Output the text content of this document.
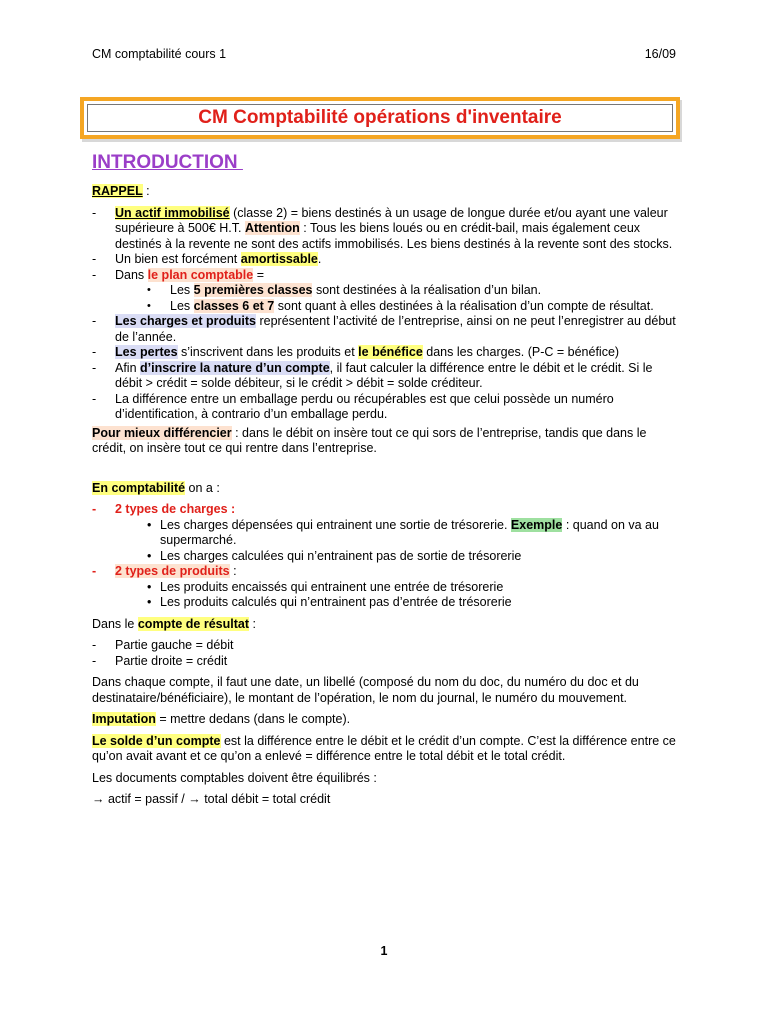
CM comptabilité cours 1	16/09
CM Comptabilité opérations d'inventaire
INTRODUCTION
RAPPEL :
-	Un actif immobilisé (classe 2) = biens destinés à un usage de longue durée et/ou ayant une valeur supérieure à 500€ H.T. Attention : Tous les biens loués ou en crédit-bail, mais également ceux destinés à la revente ne sont des actifs immobilisés. Les biens destinés à la revente sont des stocks.
-	Un bien est forcément amortissable.
-	Dans le plan comptable =
•	Les 5 premières classes sont destinées à la réalisation d’un bilan.
•	Les classes 6 et 7 sont quant à elles destinées à la réalisation d’un compte de résultat.
-	Les charges et produits représentent l’activité de l’entreprise, ainsi on ne peut l’enregistrer au début de l’année.
-	Les pertes s’inscrivent dans les produits et le bénéfice dans les charges. (P-C = bénéfice)
-	Afin d’inscrire la nature d’un compte, il faut calculer la différence entre le débit et le crédit. Si le débit > crédit = solde débiteur, si le crédit > débit = solde créditeur.
-	La différence entre un emballage perdu ou récupérables est que celui possède un numéro d’identification, à contrario d’un emballage perdu.
Pour mieux différencier : dans le débit on insère tout ce qui sors de l’entreprise, tandis que dans le crédit, on insère tout ce qui rentre dans l’entreprise.
En comptabilité on a :
-	2 types de charges :
• Les charges dépensées qui entrainent une sortie de trésorerie. Exemple : quand on va au supermarché.
• Les charges calculées qui n’entrainent pas de sortie de trésorerie
-	2 types de produits :
• Les produits encaissés qui entrainent une entrée de trésorerie
• Les produits calculés qui n’entrainent pas d’entrée de trésorerie
Dans le compte de résultat :
-	Partie gauche = débit
-	Partie droite = crédit
Dans chaque compte, il faut une date, un libellé (composé du nom du doc, du numéro du doc et du destinataire/bénéficiaire), le montant de l’opération, le nom du journal, le numéro du mouvement.
Imputation = mettre dedans (dans le compte).
Le solde d’un compte est la différence entre le débit et le crédit d’un compte. C’est la différence entre ce qu’on avait avant et ce qu’on a enlevé = différence entre le total débit et le total crédit.
Les documents comptables doivent être équilibrés :
→ actif = passif / → total débit = total crédit
1
